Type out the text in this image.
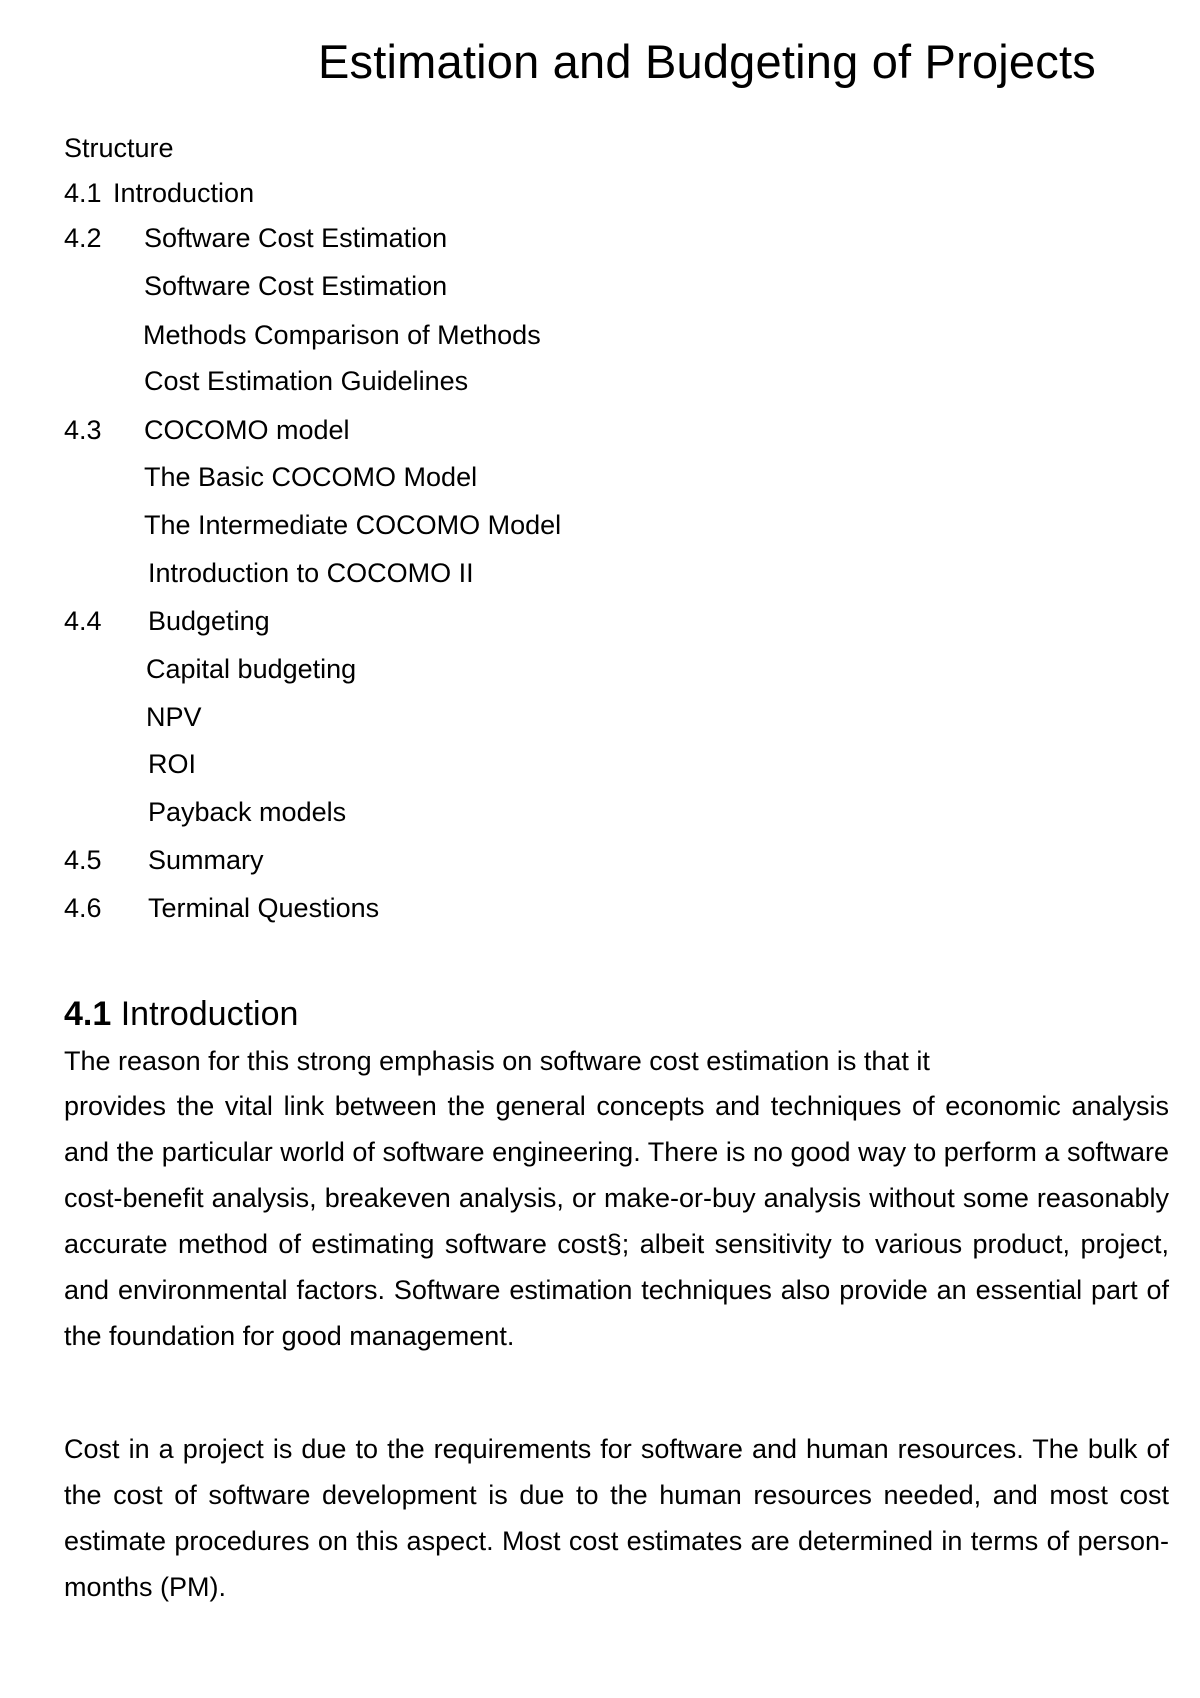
Estimation and Budgeting of Projects
Structure
4.1 Introduction
4.2 Software Cost Estimation
Software Cost Estimation
Methods Comparison of Methods
Cost Estimation Guidelines
4.3 COCOMO model
The Basic COCOMO Model
The Intermediate COCOMO Model
Introduction to COCOMO II
4.4 Budgeting
Capital budgeting
NPV
ROI
Payback models
4.5 Summary
4.6 Terminal Questions
4.1 Introduction
The reason for this strong emphasis on software cost estimation is that it
provides the vital link between the general concepts and techniques of economic analysis and the particular world of software engineering. There is no good way to perform a software cost-benefit analysis, breakeven analysis, or make-or-buy analysis without some reasonably accurate method of estimating software cost§; albeit sensitivity to various product, project, and environmental factors. Software estimation techniques also provide an essential part of the foundation for good management.
Cost in a project is due to the requirements for software and human resources. The bulk of the cost of software development is due to the human resources needed, and most cost estimate procedures on this aspect. Most cost estimates are determined in terms of person-months (PM).
